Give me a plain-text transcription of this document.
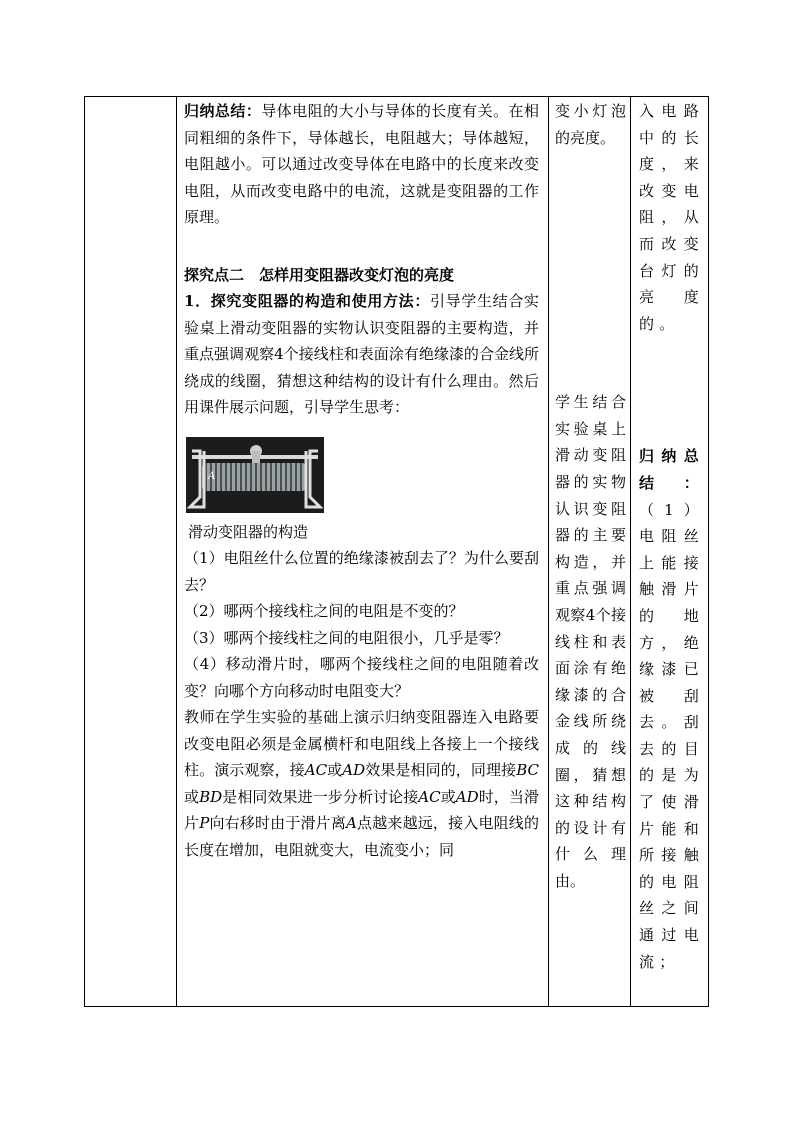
归纳总结：导体电阻的大小与导体的长度有关。在相同粗细的条件下，导体越长，电阻越大；导体越短，电阻越小。可以通过改变导体在电路中的长度来改变电阻，从而改变电路中的电流，这就是变阻器的工作原理。

探究点二　怎样用变阻器改变灯泡的亮度

1．探究变阻器的构造和使用方法：引导学生结合实验桌上滑动变阻器的实物认识变阻器的主要构造，并重点强调观察4个接线柱和表面涂有绝缘漆的合金线所绕成的线圈，猜想这种结构的设计有什么理由。然后用课件展示问题，引导学生思考：

A

滑动变阻器的构造

（1）电阻丝什么位置的绝缘漆被刮去了？为什么要刮去？

（2）哪两个接线柱之间的电阻是不变的？

（3）哪两个接线柱之间的电阻很小，几乎是零？

（4）移动滑片时，哪两个接线柱之间的电阻随着改变？向哪个方向移动时电阻变大？

教师在学生实验的基础上演示归纳变阻器连入电路要改变电阻必须是金属横杆和电阻线上各接上一个接线柱。演示观察，接AC或AD效果是相同的，同理接BC或BD是相同效果进一步分析讨论接AC或AD时，当滑片P向右移时由于滑片离A点越来越远，接入电阻线的长度在增加，电阻就变大，电流变小；同

变小灯泡的亮度。

学生结合实验桌上滑动变阻器的实物认识变阻器的主要构造，并重点强调观察4个接线柱和表面涂有绝缘漆的合金线所绕成的线圈，猜想这种结构的设计有什么理由。

入电路中的长度，来改变电阻，从而改变台灯的亮度的。

归纳总结：（1）电阻丝上能接触滑片的地方，绝缘漆已被刮去。刮去的目的是为了使滑片能和所接触的电阻丝之间通过电流；
